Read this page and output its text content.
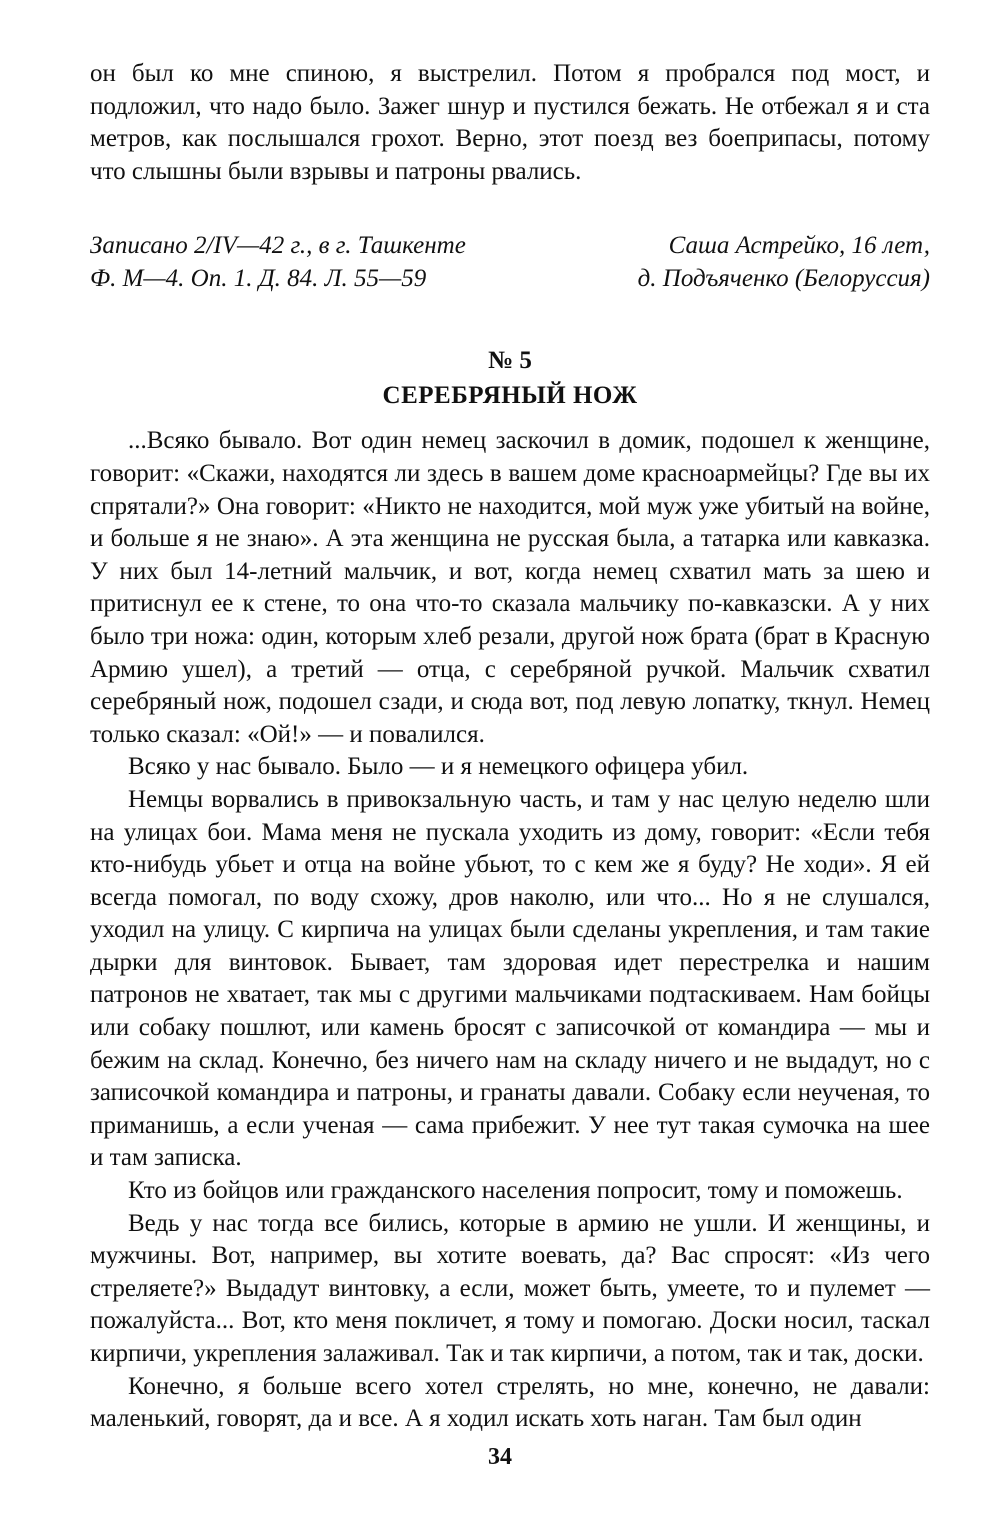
он был ко мне спиною, я выстрелил. Потом я пробрался под мост, и подложил, что надо было. Зажег шнур и пустился бежать. Не отбежал я и ста метров, как послышался грохот. Верно, этот поезд вез боеприпасы, потому что слышны были взрывы и патроны рвались.

Записано 2/IV—42 г., в г. Ташкенте
Ф. М—4. Оп. 1. Д. 84. Л. 55—59
Саша Астрейко, 16 лет,
д. Подъяченко (Белоруссия)
№ 5
СЕРЕБРЯНЫЙ НОЖ

...Всяко бывало. Вот один немец заскочил в домик, подошел к женщине, говорит: «Скажи, находятся ли здесь в вашем доме красноармейцы? Где вы их спрятали?» Она говорит: «Никто не находится, мой муж уже убитый на войне, и больше я не знаю». А эта женщина не русская была, а татарка или кавказка. У них был 14-летний мальчик, и вот, когда немец схватил мать за шею и притиснул ее к стене, то она что-то сказала мальчику по-кавказски. А у них было три ножа: один, которым хлеб резали, другой нож брата (брат в Красную Армию ушел), а третий — отца, с серебряной ручкой. Мальчик схватил серебряный нож, подошел сзади, и сюда вот, под левую лопатку, ткнул. Немец только сказал: «Ой!» — и повалился.

Всяко у нас бывало. Было — и я немецкого офицера убил.

Немцы ворвались в привокзальную часть, и там у нас целую неделю шли на улицах бои. Мама меня не пускала уходить из дому, говорит: «Если тебя кто-нибудь убьет и отца на войне убьют, то с кем же я буду? Не ходи». Я ей всегда помогал, по воду схожу, дров наколю, или что... Но я не слушался, уходил на улицу. С кирпича на улицах были сделаны укрепления, и там такие дырки для винтовок. Бывает, там здоровая идет перестрелка и нашим патронов не хватает, так мы с другими мальчиками подтаскиваем. Нам бойцы или собаку пошлют, или камень бросят с записочкой от командира — мы и бежим на склад. Конечно, без ничего нам на складу ничего и не выдадут, но с записочкой командира и патроны, и гранаты давали. Собаку если неученая, то приманишь, а если ученая — сама прибежит. У нее тут такая сумочка на шее и там записка.

Кто из бойцов или гражданского населения попросит, тому и поможешь.

Ведь у нас тогда все бились, которые в армию не ушли. И женщины, и мужчины. Вот, например, вы хотите воевать, да? Вас спросят: «Из чего стреляете?» Выдадут винтовку, а если, может быть, умеете, то и пулемет — пожалуйста... Вот, кто меня покличет, я тому и помогаю. Доски носил, таскал кирпичи, укрепления залаживал. Так и так кирпичи, а потом, так и так, доски.

Конечно, я больше всего хотел стрелять, но мне, конечно, не давали: маленький, говорят, да и все. А я ходил искать хоть наган. Там был один

34
